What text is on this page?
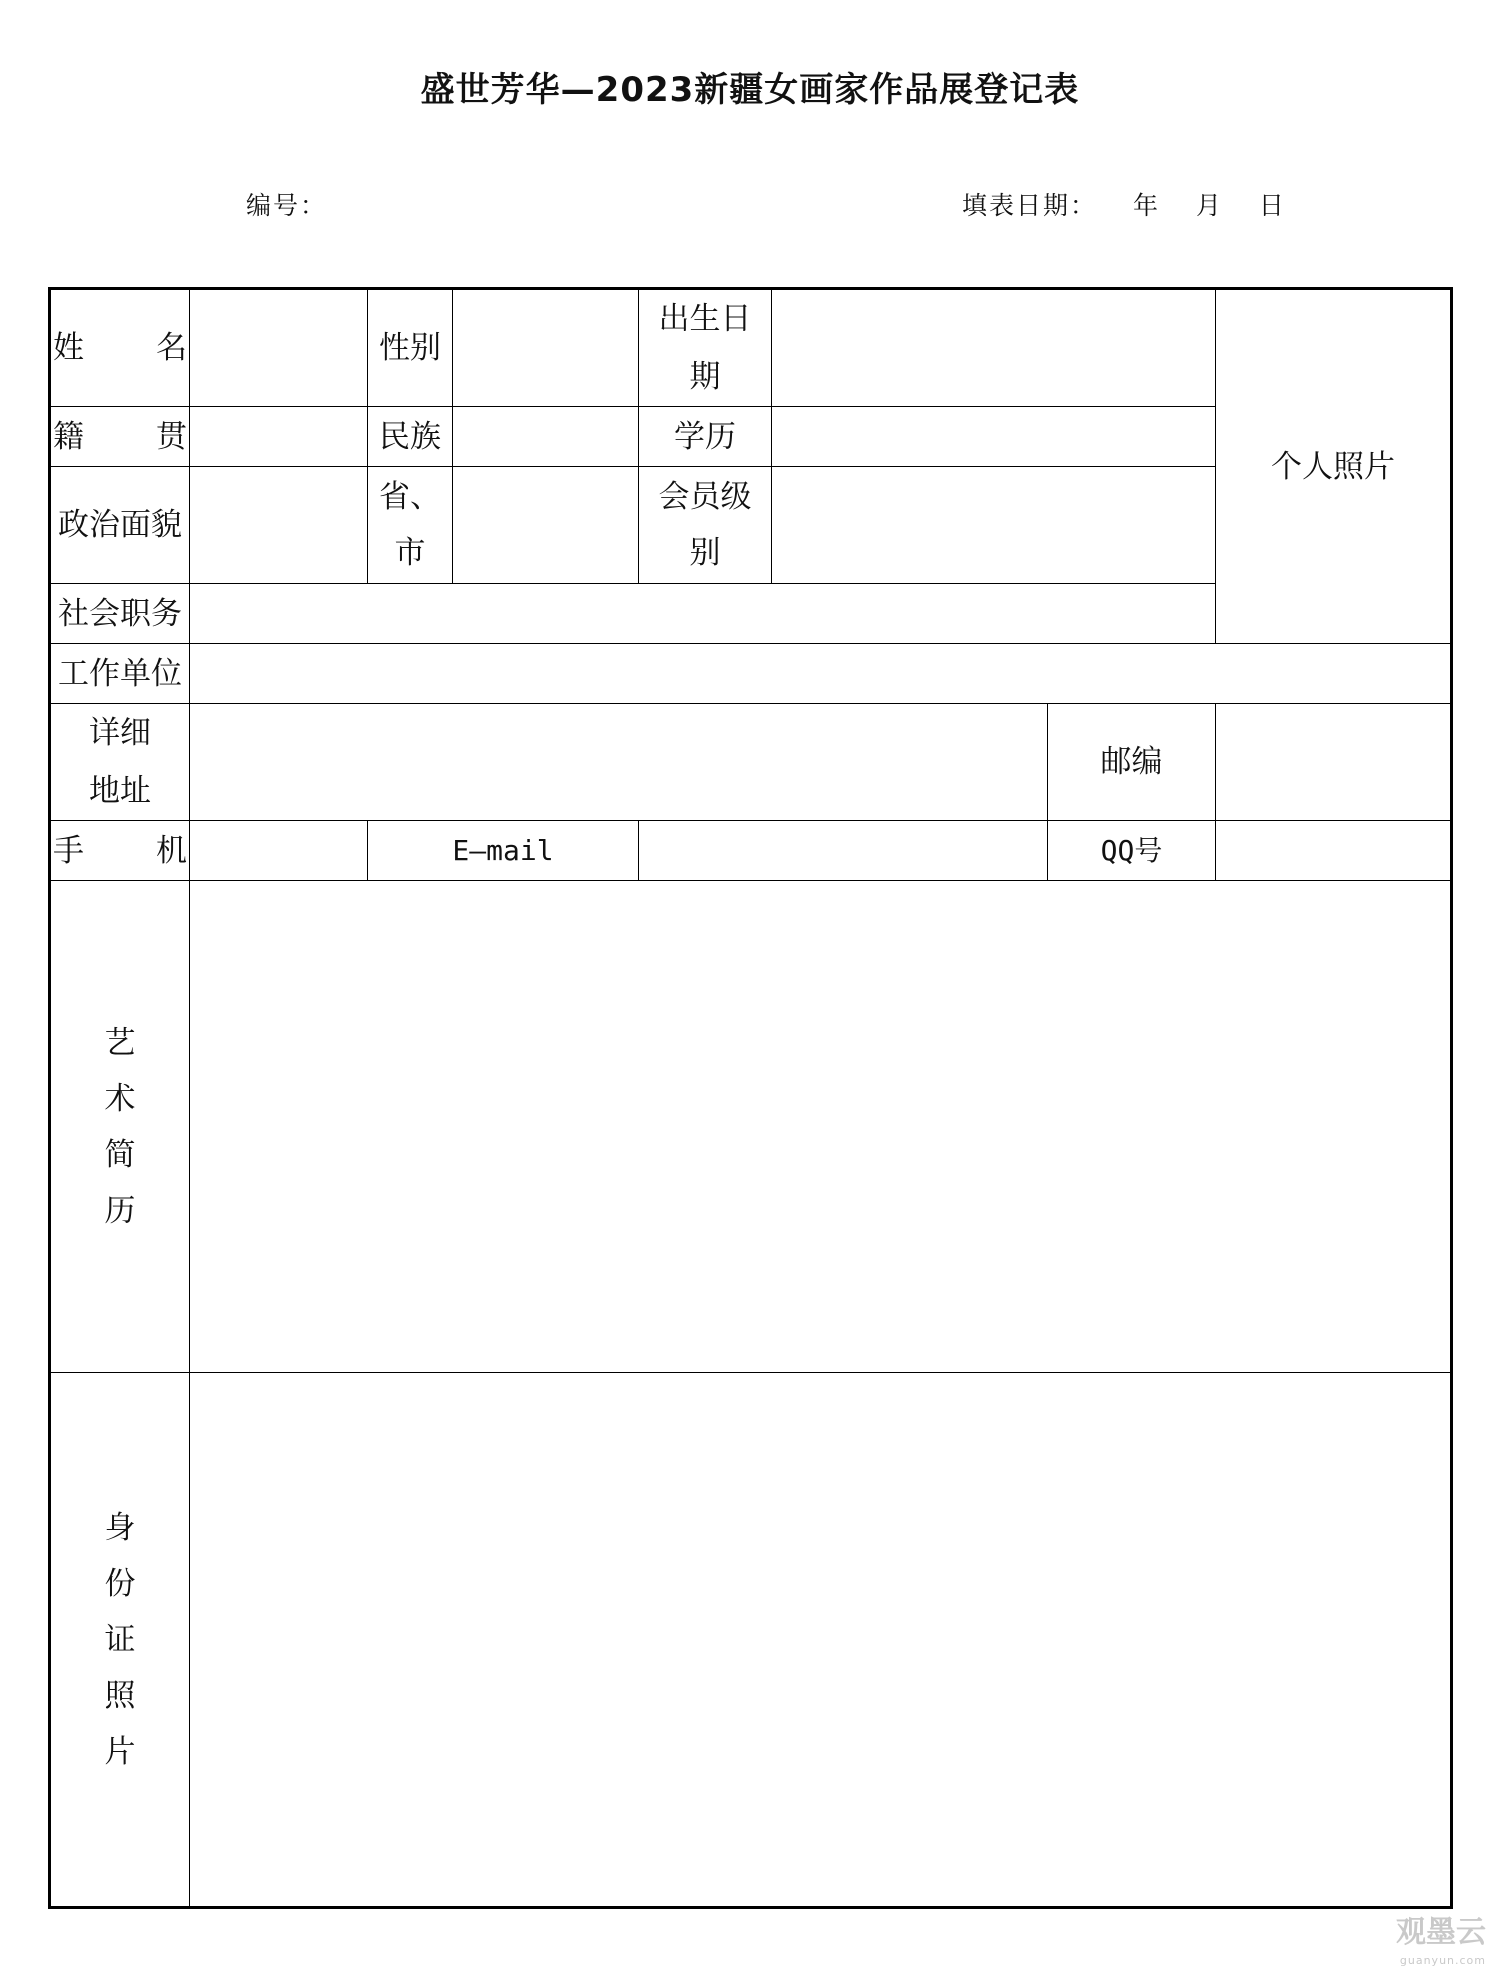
盛世芳华—2023新疆女画家作品展登记表
编号：	填表日期： 年 月 日
姓 名		性别		出生日期			个人照片

籍 贯		民族		学历			
政治面貌		省、市		会员级别			
社会职务							
工作单位							
详细地址						邮编	

手 机		E—mail				QQ号	
艺术简历							
身份证照片							
观墨云
guanyun.com
